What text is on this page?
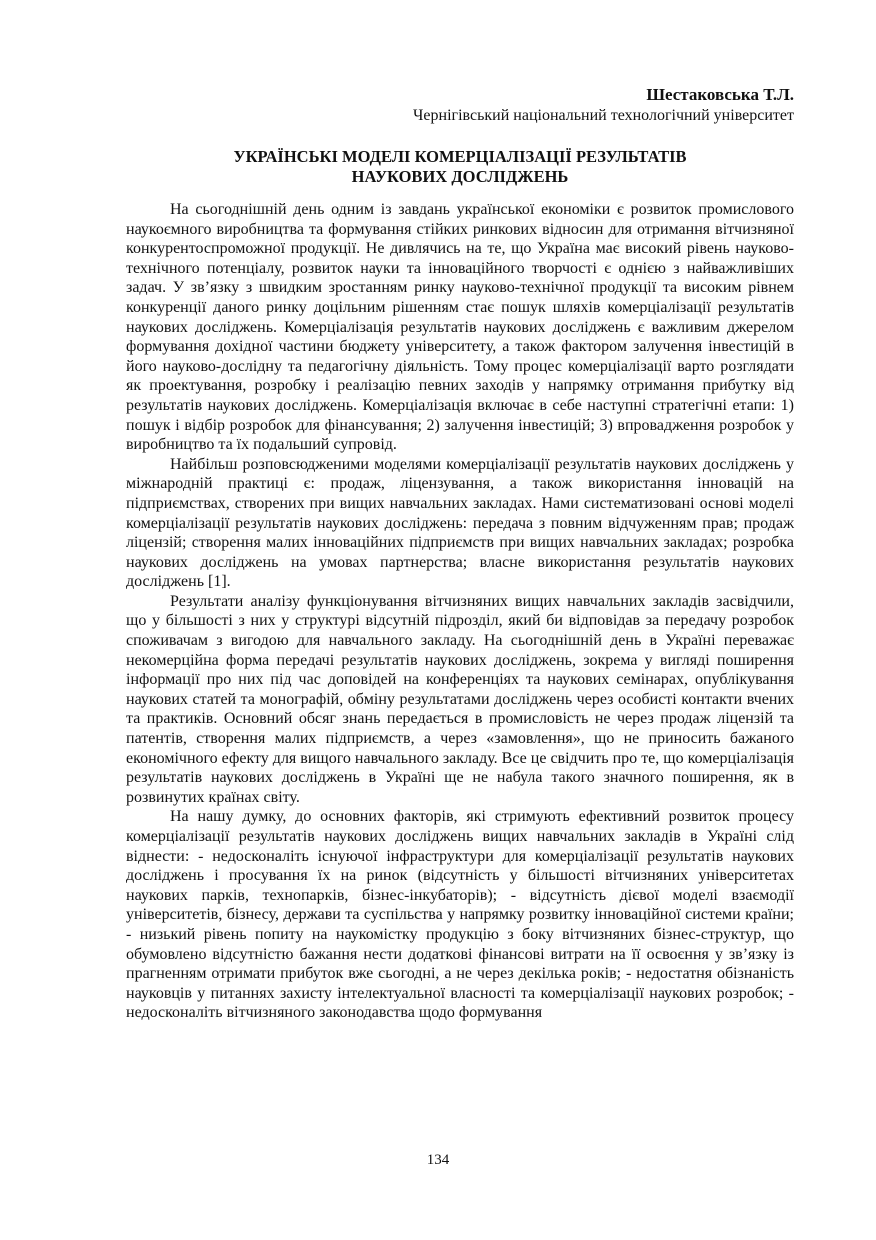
Шестаковська Т.Л.
Чернігівський національний технологічний університет
УКРАЇНСЬКІ МОДЕЛІ КОМЕРЦІАЛІЗАЦІЇ РЕЗУЛЬТАТІВ
НАУКОВИХ ДОСЛІДЖЕНЬ

На сьогоднішній день одним із завдань української економіки є розвиток промислового наукоємного виробництва та формування стійких ринкових відносин для отримання вітчизняної конкурентоспроможної продукції. Не дивлячись на те, що Україна має високий рівень науково-технічного потенціалу, розвиток науки та інноваційного творчості є однією з найважливіших задач. У зв’язку з швидким зростанням ринку науково-технічної продукції та високим рівнем конкуренції даного ринку доцільним рішенням стає пошук шляхів комерціалізації результатів наукових досліджень. Комерціалізація результатів наукових досліджень є важливим джерелом формування дохідної частини бюджету університету, а також фактором залучення інвестицій в його науково-дослідну та педагогічну діяльність. Тому процес комерціалізації варто розглядати як проектування, розробку і реалізацію певних заходів у напрямку отримання прибутку від результатів наукових досліджень. Комерціалізація включає в себе наступні стратегічні етапи: 1) пошук і відбір розробок для фінансування; 2) залучення інвестицій; 3) впровадження розробок у виробництво та їх подальший супровід.

Найбільш розповсюдженими моделями комерціалізації результатів наукових досліджень у міжнародній практиці є: продаж, ліцензування, а також використання інновацій на підприємствах, створених при вищих навчальних закладах. Нами систематизовані основі моделі комерціалізації результатів наукових досліджень: передача з повним відчуженням прав; продаж ліцензій; створення малих інноваційних підприємств при вищих навчальних закладах; розробка наукових досліджень на умовах партнерства; власне використання результатів наукових досліджень [1].

Результати аналізу функціонування вітчизняних вищих навчальних закладів засвідчили, що у більшості з них у структурі відсутній підрозділ, який би відповідав за передачу розробок споживачам з вигодою для навчального закладу. На сьогоднішній день в Україні переважає некомерційна форма передачі результатів наукових досліджень, зокрема у вигляді поширення інформації про них під час доповідей на конференціях та наукових семінарах, опублікування наукових статей та монографій, обміну результатами досліджень через особисті контакти вчених та практиків. Основний обсяг знань передається в промисловість не через продаж ліцензій та патентів, створення малих підприємств, а через «замовлення», що не приносить бажаного економічного ефекту для вищого навчального закладу. Все це свідчить про те, що комерціалізація результатів наукових досліджень в Україні ще не набула такого значного поширення, як в розвинутих країнах світу.

На нашу думку, до основних факторів, які стримують ефективний розвиток процесу комерціалізації результатів наукових досліджень вищих навчальних закладів в Україні слід віднести: - недосконаліть існуючої інфраструктури для комерціалізації результатів наукових досліджень і просування їх на ринок (відсутність у більшості вітчизняних університетах наукових парків, технопарків, бізнес-інкубаторів); - відсутність дієвої моделі взаємодії університетів, бізнесу, держави та суспільства у напрямку розвитку інноваційної системи країни; - низький рівень попиту на наукомістку продукцію з боку вітчизняних бізнес-структур, що обумовлено відсутністю бажання нести додаткові фінансові витрати на її освоєння у зв’язку із прагненням отримати прибуток вже сьогодні, а не через декілька років; - недостатня обізнаність науковців у питаннях захисту інтелектуальної власності та комерціалізації наукових розробок; - недосконаліть вітчизняного законодавства щодо формування

134
